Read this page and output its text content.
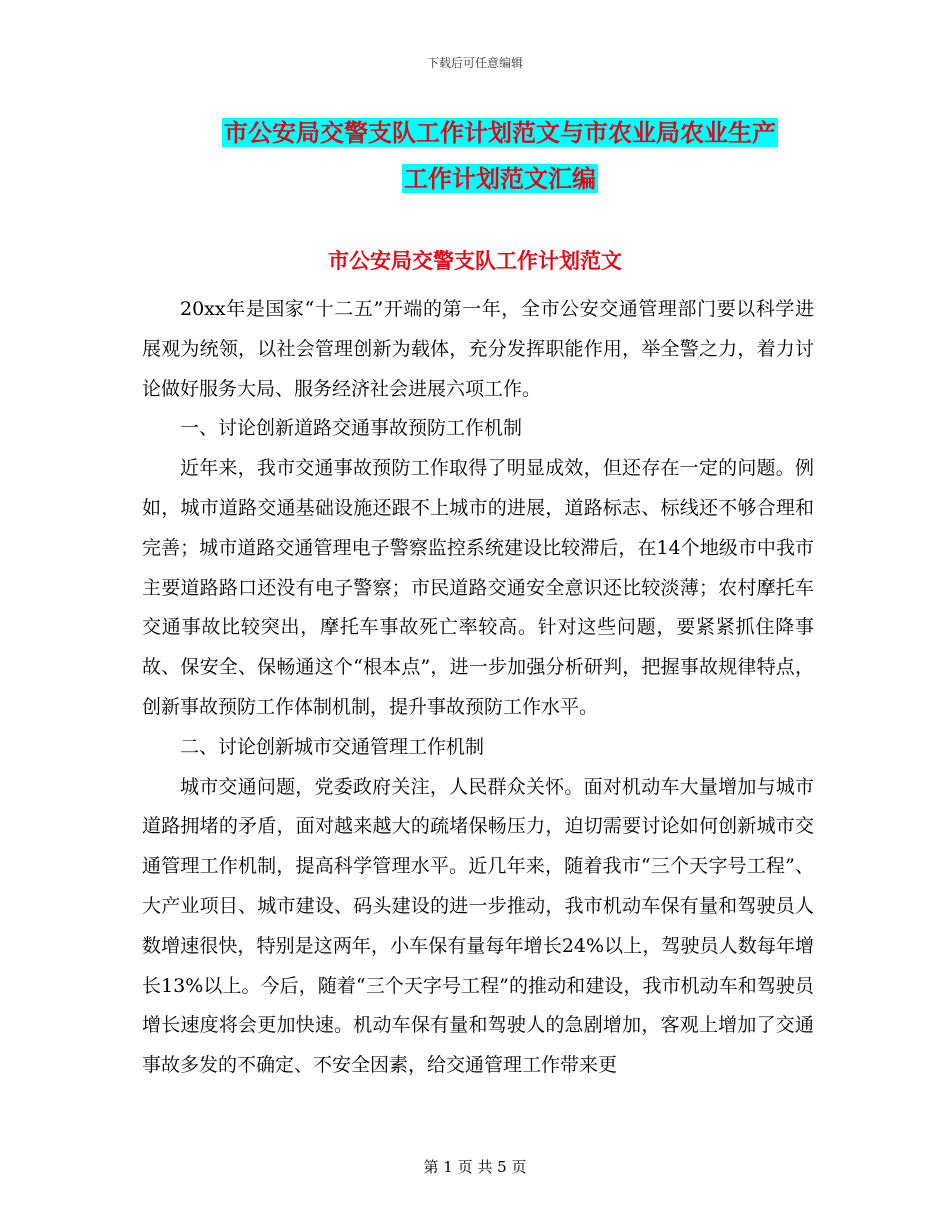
下载后可任意编辑
市公安局交警支队工作计划范文与市农业局农业生产
工作计划范文汇编
市公安局交警支队工作计划范文

20xx年是国家“十二五”开端的第一年，全市公安交通管理部门要以科学进展观为统领，以社会管理创新为载体，充分发挥职能作用，举全警之力，着力讨论做好服务大局、服务经济社会进展六项工作。

一、讨论创新道路交通事故预防工作机制

近年来，我市交通事故预防工作取得了明显成效，但还存在一定的问题。例如，城市道路交通基础设施还跟不上城市的进展，道路标志、标线还不够合理和完善；城市道路交通管理电子警察监控系统建设比较滞后，在14个地级市中我市主要道路路口还没有电子警察；市民道路交通安全意识还比较淡薄；农村摩托车交通事故比较突出，摩托车事故死亡率较高。针对这些问题，要紧紧抓住降事故、保安全、保畅通这个“根本点”，进一步加强分析研判，把握事故规律特点，创新事故预防工作体制机制，提升事故预防工作水平。

二、讨论创新城市交通管理工作机制

城市交通问题，党委政府关注，人民群众关怀。面对机动车大量增加与城市道路拥堵的矛盾，面对越来越大的疏堵保畅压力，迫切需要讨论如何创新城市交通管理工作机制，提高科学管理水平。近几年来，随着我市“三个天字号工程”、大产业项目、城市建设、码头建设的进一步推动，我市机动车保有量和驾驶员人数增速很快，特别是这两年，小车保有量每年增长24%以上，驾驶员人数每年增长13%以上。今后，随着“三个天字号工程”的推动和建设，我市机动车和驾驶员增长速度将会更加快速。机动车保有量和驾驶人的急剧增加，客观上增加了交通事故多发的不确定、不安全因素，给交通管理工作带来更

第 1 页 共 5 页
